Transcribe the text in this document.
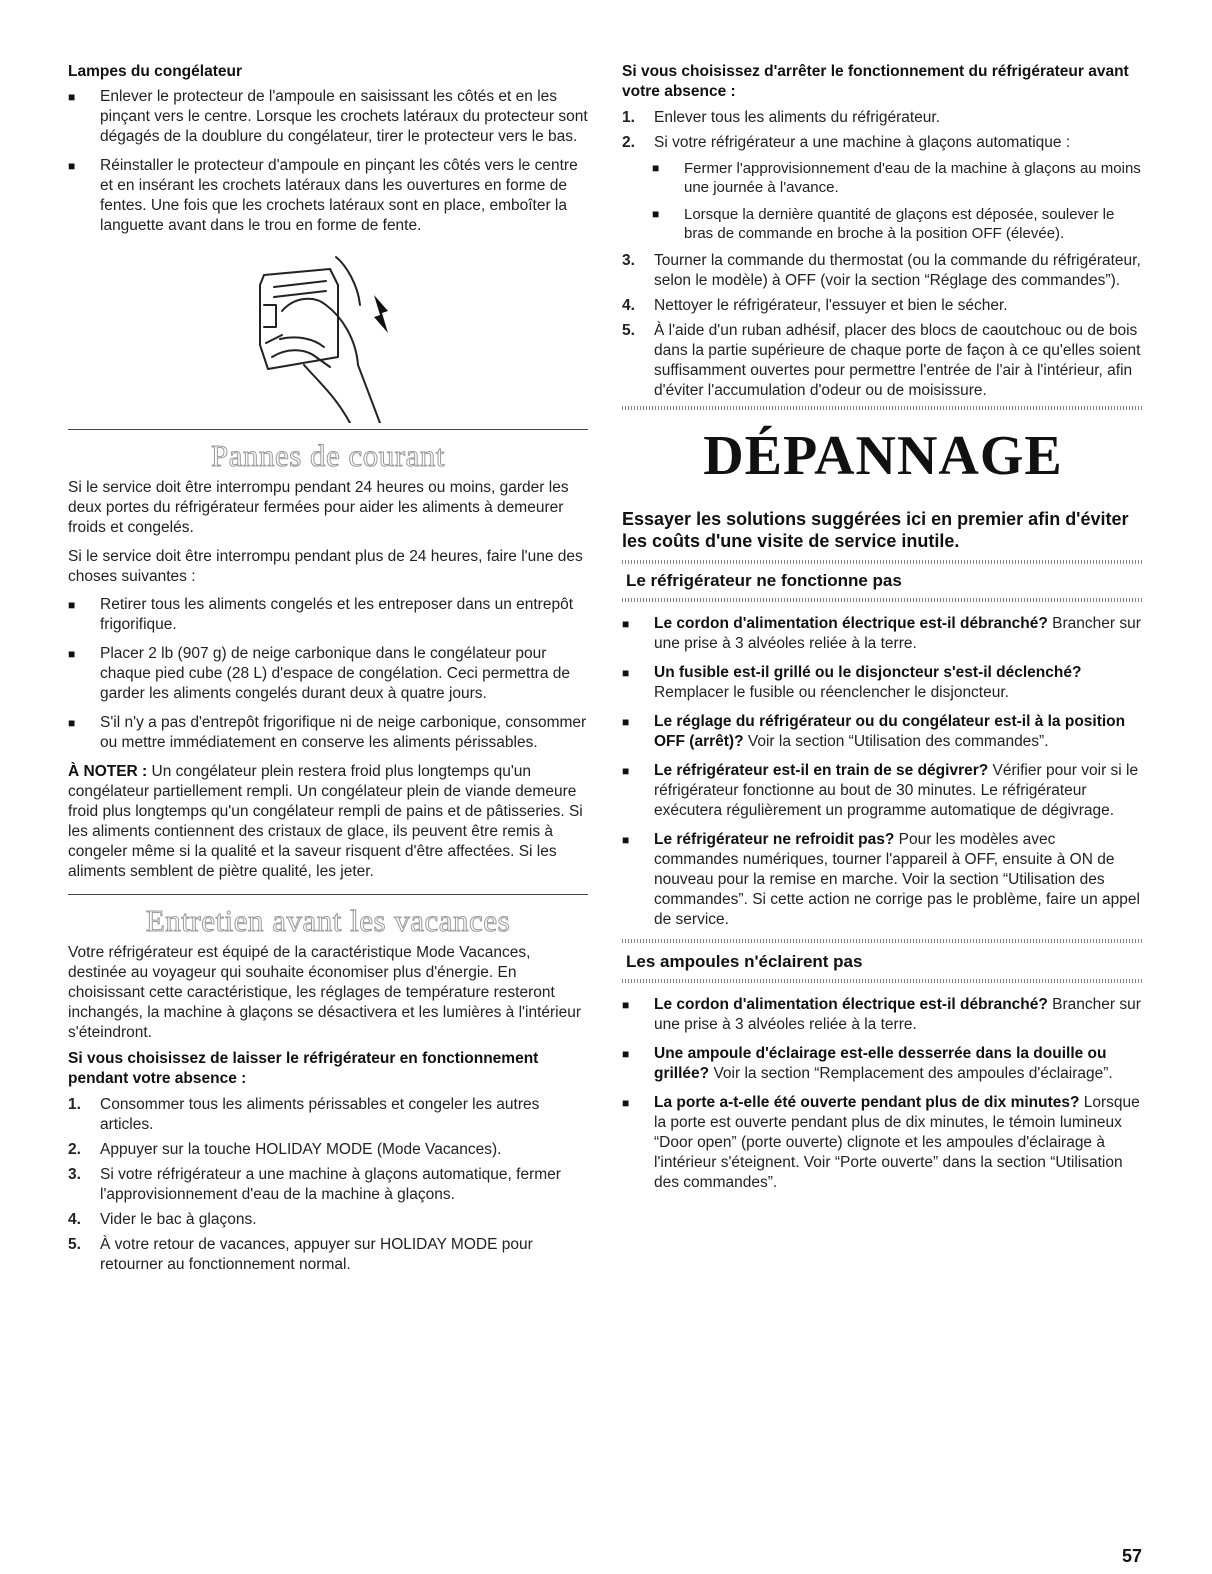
Lampes du congélateur

■ Enlever le protecteur de l'ampoule en saisissant les côtés et en les pinçant vers le centre. Lorsque les crochets latéraux du protecteur sont dégagés de la doublure du congélateur, tirer le protecteur vers le bas.
■ Réinstaller le protecteur d'ampoule en pinçant les côtés vers le centre et en insérant les crochets latéraux dans les ouvertures en forme de fentes. Une fois que les crochets latéraux sont en place, emboîter la languette avant dans le trou en forme de fente.

Pannes de courant

Si le service doit être interrompu pendant 24 heures ou moins, garder les deux portes du réfrigérateur fermées pour aider les aliments à demeurer froids et congelés.

Si le service doit être interrompu pendant plus de 24 heures, faire l'une des choses suivantes :

■ Retirer tous les aliments congelés et les entreposer dans un entrepôt frigorifique.
■ Placer 2 lb (907 g) de neige carbonique dans le congélateur pour chaque pied cube (28 L) d'espace de congélation. Ceci permettra de garder les aliments congelés durant deux à quatre jours.
■ S'il n'y a pas d'entrepôt frigorifique ni de neige carbonique, consommer ou mettre immédiatement en conserve les aliments périssables.

À NOTER : Un congélateur plein restera froid plus longtemps qu'un congélateur partiellement rempli. Un congélateur plein de viande demeure froid plus longtemps qu'un congélateur rempli de pains et de pâtisseries. Si les aliments contiennent des cristaux de glace, ils peuvent être remis à congeler même si la qualité et la saveur risquent d'être affectées. Si les aliments semblent de piètre qualité, les jeter.

Entretien avant les vacances

Votre réfrigérateur est équipé de la caractéristique Mode Vacances, destinée au voyageur qui souhaite économiser plus d'énergie. En choisissant cette caractéristique, les réglages de température resteront inchangés, la machine à glaçons se désactivera et les lumières à l'intérieur s'éteindront.

Si vous choisissez de laisser le réfrigérateur en fonctionnement pendant votre absence :

1. Consommer tous les aliments périssables et congeler les autres articles.
2. Appuyer sur la touche HOLIDAY MODE (Mode Vacances).
3. Si votre réfrigérateur a une machine à glaçons automatique, fermer l'approvisionnement d'eau de la machine à glaçons.
4. Vider le bac à glaçons.
5. À votre retour de vacances, appuyer sur HOLIDAY MODE pour retourner au fonctionnement normal.

Si vous choisissez d'arrêter le fonctionnement du réfrigérateur avant votre absence :

1. Enlever tous les aliments du réfrigérateur.
2. Si votre réfrigérateur a une machine à glaçons automatique :
■ Fermer l'approvisionnement d'eau de la machine à glaçons au moins une journée à l'avance.
■ Lorsque la dernière quantité de glaçons est déposée, soulever le bras de commande en broche à la position OFF (élevée).
3. Tourner la commande du thermostat (ou la commande du réfrigérateur, selon le modèle) à OFF (voir la section “Réglage des commandes”).
4. Nettoyer le réfrigérateur, l'essuyer et bien le sécher.
5. À l'aide d'un ruban adhésif, placer des blocs de caoutchouc ou de bois dans la partie supérieure de chaque porte de façon à ce qu'elles soient suffisamment ouvertes pour permettre l'entrée de l'air à l'intérieur, afin d'éviter l'accumulation d'odeur ou de moisissure.

DÉPANNAGE

Essayer les solutions suggérées ici en premier afin d'éviter les coûts d'une visite de service inutile.

Le réfrigérateur ne fonctionne pas

■ Le cordon d'alimentation électrique est-il débranché? Brancher sur une prise à 3 alvéoles reliée à la terre.
■ Un fusible est-il grillé ou le disjoncteur s'est-il déclenché? Remplacer le fusible ou réenclencher le disjoncteur.
■ Le réglage du réfrigérateur ou du congélateur est-il à la position OFF (arrêt)? Voir la section “Utilisation des commandes”.
■ Le réfrigérateur est-il en train de se dégivrer? Vérifier pour voir si le réfrigérateur fonctionne au bout de 30 minutes. Le réfrigérateur exécutera régulièrement un programme automatique de dégivrage.
■ Le réfrigérateur ne refroidit pas? Pour les modèles avec commandes numériques, tourner l'appareil à OFF, ensuite à ON de nouveau pour la remise en marche. Voir la section “Utilisation des commandes”. Si cette action ne corrige pas le problème, faire un appel de service.

Les ampoules n'éclairent pas

■ Le cordon d'alimentation électrique est-il débranché? Brancher sur une prise à 3 alvéoles reliée à la terre.
■ Une ampoule d'éclairage est-elle desserrée dans la douille ou grillée? Voir la section “Remplacement des ampoules d'éclairage”.
■ La porte a-t-elle été ouverte pendant plus de dix minutes? Lorsque la porte est ouverte pendant plus de dix minutes, le témoin lumineux “Door open” (porte ouverte) clignote et les ampoules d'éclairage à l'intérieur s'éteignent. Voir “Porte ouverte” dans la section “Utilisation des commandes”.
57
